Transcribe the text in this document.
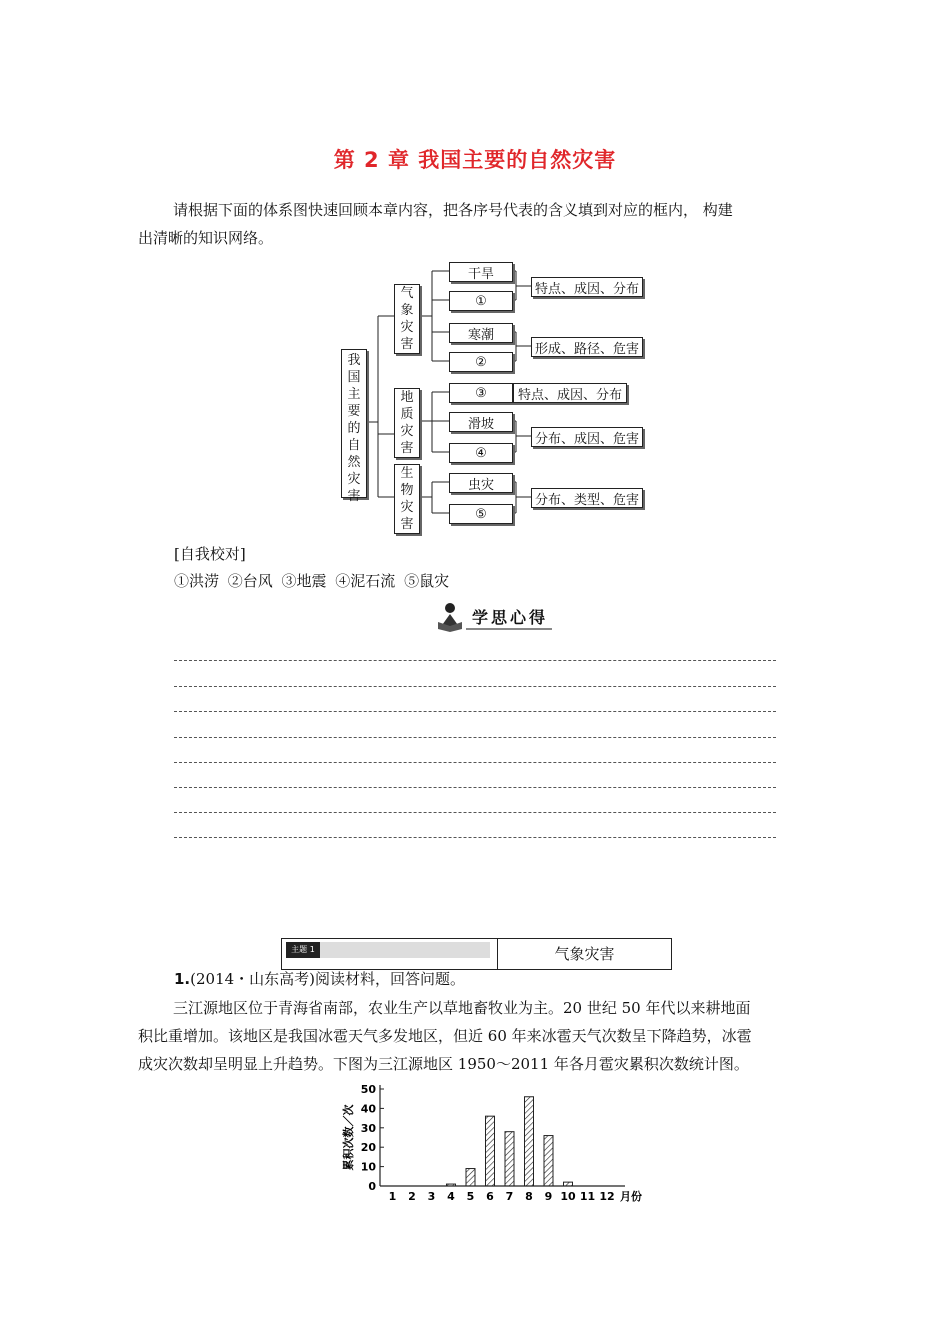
第 2 章 我国主要的自然灾害
请根据下面的体系图快速回顾本章内容，把各序号代表的含义填到对应的框内， 构建
出清晰的知识网络。
我国主要的自然灾害
气象灾害
地质灾害
生物灾害
干旱
①
寒潮
②
③
滑坡
④
虫灾
⑤
特点、成因、分布
形成、路径、危害
特点、成因、分布
分布、成因、危害
分布、类型、危害
[自我校对]
①洪涝 ②台风 ③地震 ④泥石流 ⑤鼠灾
学思心得
主题 1	气象灾害
1.(2014・山东高考)阅读材料，回答问题。
三江源地区位于青海省南部，农业生产以草地畜牧业为主。20 世纪 50 年代以来耕地面
积比重增加。该地区是我国冰雹天气多发地区，但近 60 年来冰雹天气次数呈下降趋势，冰雹
成灾次数却呈明显上升趋势。下图为三江源地区 1950～2011 年各月雹灾累积次数统计图。
0
10
20
30
40
50
累积次数／次
1 2 3 4 5 6 7 8 9 10 11 12 月份
